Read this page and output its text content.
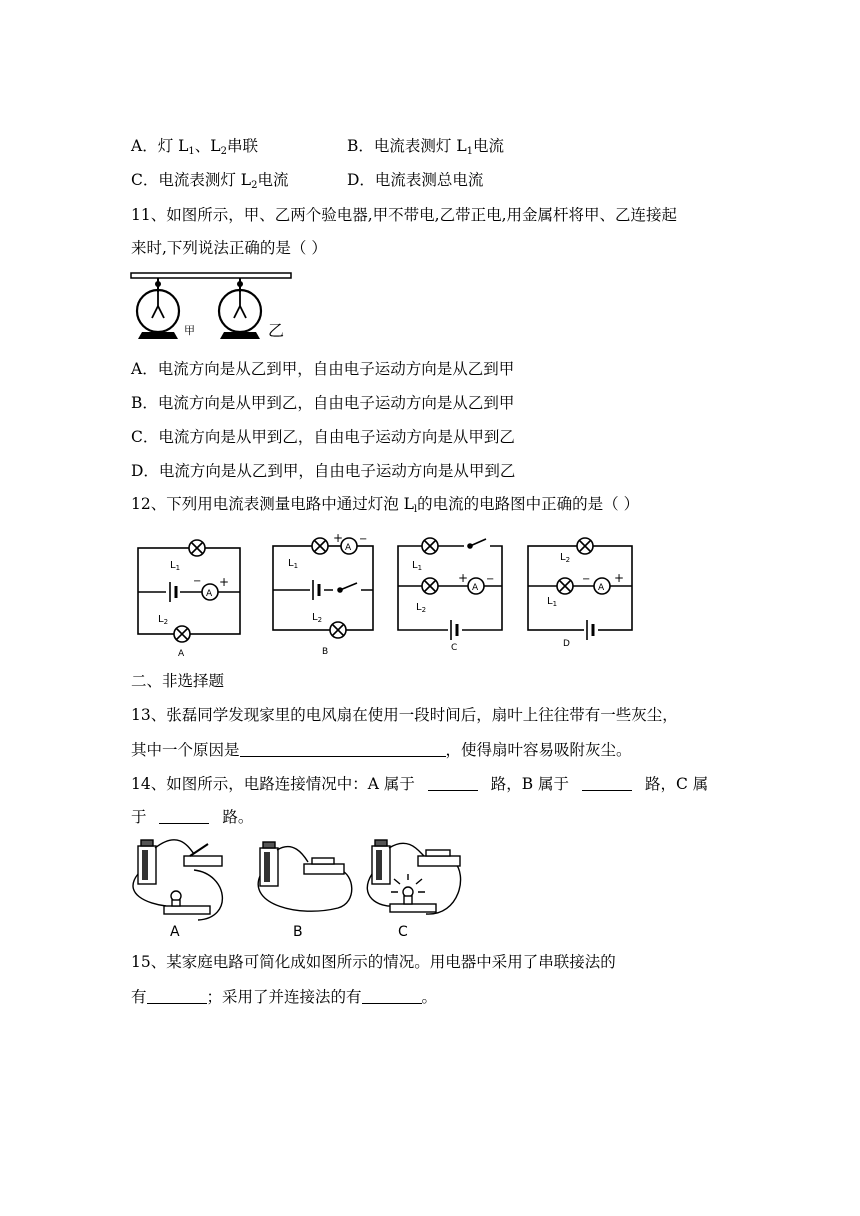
A．灯 $L_1$、$L_2$串联	B．电流表测灯 $L_1$电流
C．电流表测灯 $L_2$电流	D．电流表测总电流
11、如图所示，甲、乙两个验电器,甲不带电,乙带正电,用金属杆将甲、乙连接起
来时,下列说法正确的是（ ）
甲	乙
A．电流方向是从乙到甲，自由电子运动方向是从乙到甲
B．电流方向是从甲到乙，自由电子运动方向是从乙到甲
C．电流方向是从甲到乙，自由电子运动方向是从甲到乙
D．电流方向是从乙到甲，自由电子运动方向是从甲到乙
12、下列用电流表测量电路中通过灯泡 $L_l$的电流的电路图中正确的是（ ）
$L_1$
A
− +
$L_2$
A
$L_1$
+
A
−
$L_2$
B
$L_1$
+
A
−
$L_2$
C
$L_2$
$L_1$
−
A
+
D
二、非选择题
13、张磊同学发现家里的电风扇在使用一段时间后，扇叶上往往带有一些灰尘，
其中一个原因是	，使得扇叶容易吸附灰尘。
14、如图所示，电路连接情况中：A 属于	路，B 属于	路，C 属
于	路。
A	B	C
15、某家庭电路可简化成如图所示的情况。用电器中采用了串联接法的
有	；采用了并连接法的有	。
